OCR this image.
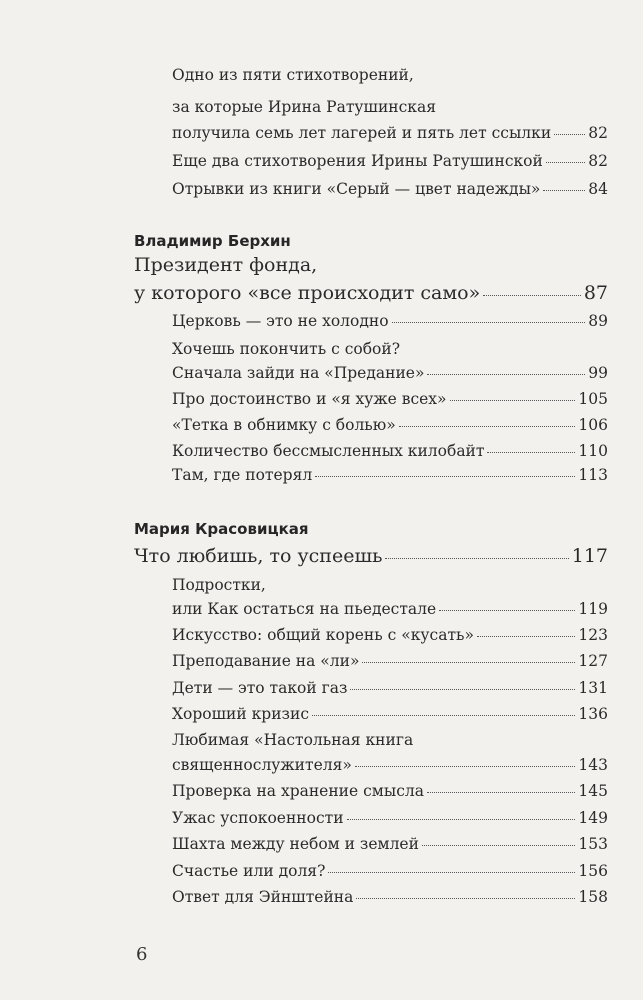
Одно из пяти стихотворений,
за которые Ирина Ратушинская
получила семь лет лагерей и пять лет ссылки 82
Еще два стихотворения Ирины Ратушинской	82
Отрывки из книги «Серый — цвет надежды»	84
Владимир Берхин
Президент фонда,
у которого «все происходит само»	87
Церковь — это не холодно	89
Хочешь покончить с собой?
Сначала зайди на «Предание»	99
Про достоинство и «я хуже всех»	105
«Тетка в обнимку с болью»	106
Количество бессмысленных килобайт	110
Там, где потерял	113
Мария Красовицкая
Что любишь, то успеешь	117
Подростки,
или Как остаться на пьедестале	119
Искусство: общий корень с «кусать»	123
Преподавание на «ли»	127
Дети — это такой газ	131
Хороший кризис	136
Любимая «Настольная книга
священнослужителя»	143
Проверка на хранение смысла	145
Ужас успокоенности	149
Шахта между небом и землей	153
Счастье или доля?	156
Ответ для Эйнштейна	158
6
